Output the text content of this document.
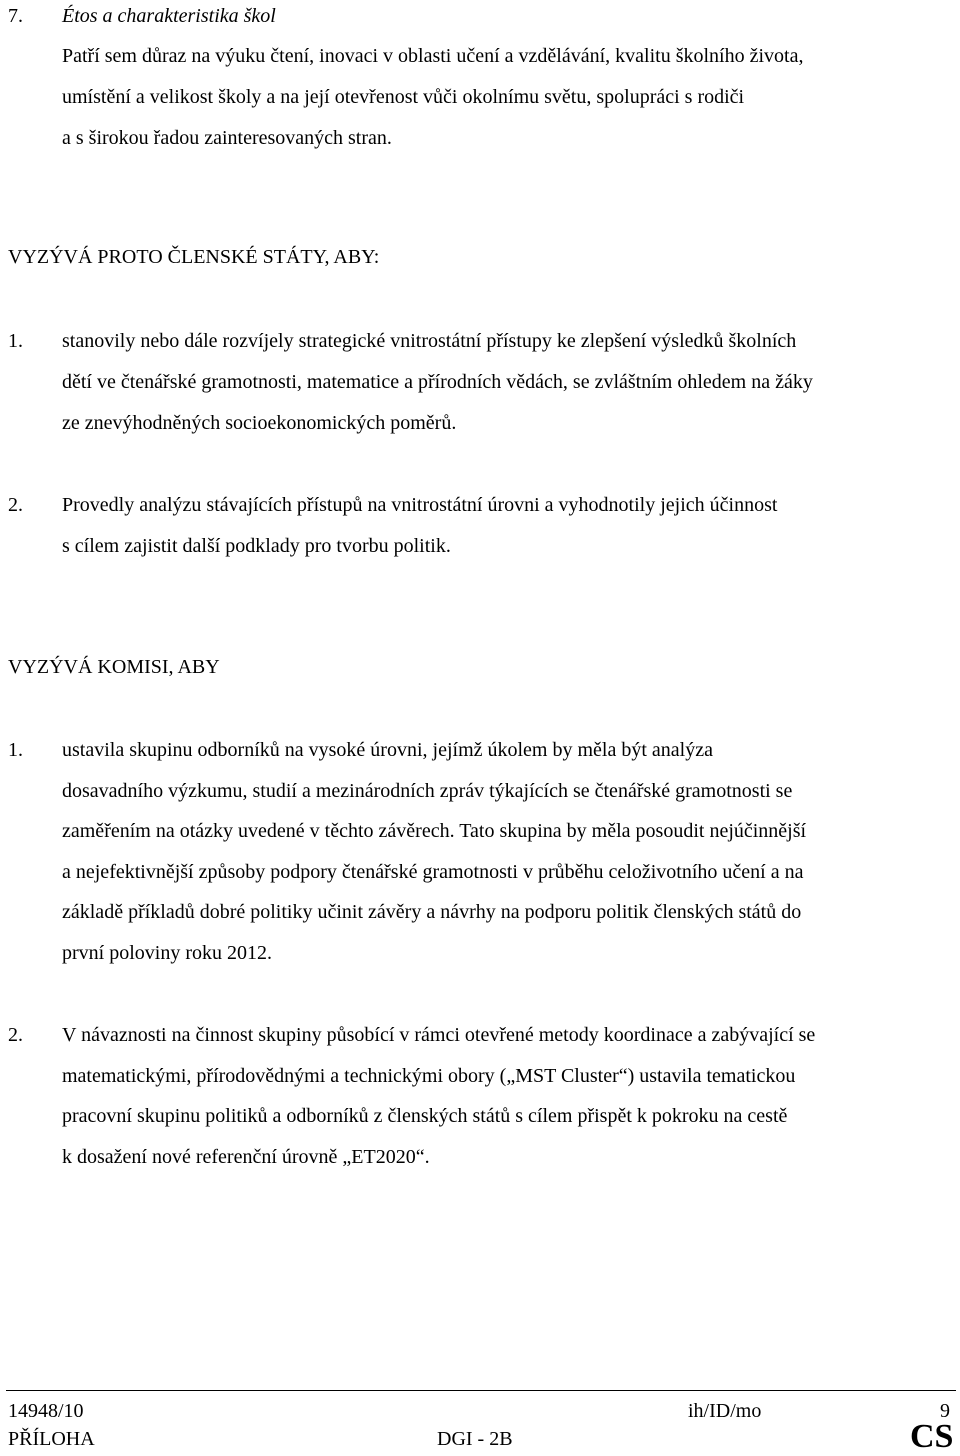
7. Étos a charakteristika škol
Patří sem důraz na výuku čtení, inovaci v oblasti učení a vzdělávání, kvalitu školního života,
umístění a velikost školy a na její otevřenost vůči okolnímu světu, spolupráci s rodiči
a s širokou řadou zainteresovaných stran.
VYZÝVÁ PROTO ČLENSKÉ STÁTY, ABY:
1. stanovily nebo dále rozvíjely strategické vnitrostátní přístupy ke zlepšení výsledků školních
dětí ve čtenářské gramotnosti, matematice a přírodních vědách, se zvláštním ohledem na žáky
ze znevýhodněných socioekonomických poměrů.
2. Provedly analýzu stávajících přístupů na vnitrostátní úrovni a vyhodnotily jejich účinnost
s cílem zajistit další podklady pro tvorbu politik.
VYZÝVÁ KOMISI, ABY
1. ustavila skupinu odborníků na vysoké úrovni, jejímž úkolem by měla být analýza
dosavadního výzkumu, studií a mezinárodních zpráv týkajících se čtenářské gramotnosti se
zaměřením na otázky uvedené v těchto závěrech. Tato skupina by měla posoudit nejúčinnější
a nejefektivnější způsoby podpory čtenářské gramotnosti v průběhu celoživotního učení a na
základě příkladů dobré politiky učinit závěry a návrhy na podporu politik členských států do
první poloviny roku 2012.
2. V návaznosti na činnost skupiny působící v rámci otevřené metody koordinace a zabývající se
matematickými, přírodovědnými a technickými obory („MST Cluster“) ustavila tematickou
pracovní skupinu politiků a odborníků z členských států s cílem přispět k pokroku na cestě
k dosažení nové referenční úrovně „ET2020“.
14948/10
PŘÍLOHA
ih/ID/mo
DGI - 2B
9
CS
